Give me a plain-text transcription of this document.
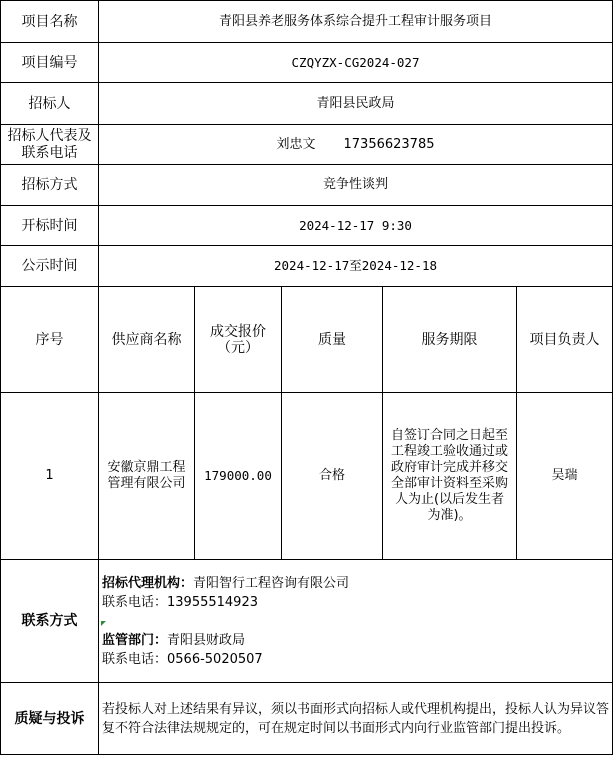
项目名称	青阳县养老服务体系综合提升工程审计服务项目				
项目编号	CZQYZX-CG2024-027				
招标人	青阳县民政局				
招标人代表及联系电话	刘忠文 17356623785				
招标方式	竞争性谈判				
开标时间	2024-12-17 9:30				
公示时间	2024-12-17至2024-12-18				
序号	供应商名称	成交报价（元）	质量	服务期限	项目负责人
1	安徽京鼎工程管理有限公司	179000.00	合格	自签订合同之日起至工程竣工验收通过或政府审计完成并移交全部审计资料至采购人为止(以后发生者为准)。	吴瑞
联系方式	招标代理机构：青阳智行工程咨询有限公司
联系电话：13955514923
监管部门：青阳县财政局
联系电话：0566-5020507				

质疑与投诉	若投标人对上述结果有异议，须以书面形式向招标人或代理机构提出，投标人认为异议答复不符合法律法规规定的，可在规定时间以书面形式内向行业监管部门提出投诉。				
